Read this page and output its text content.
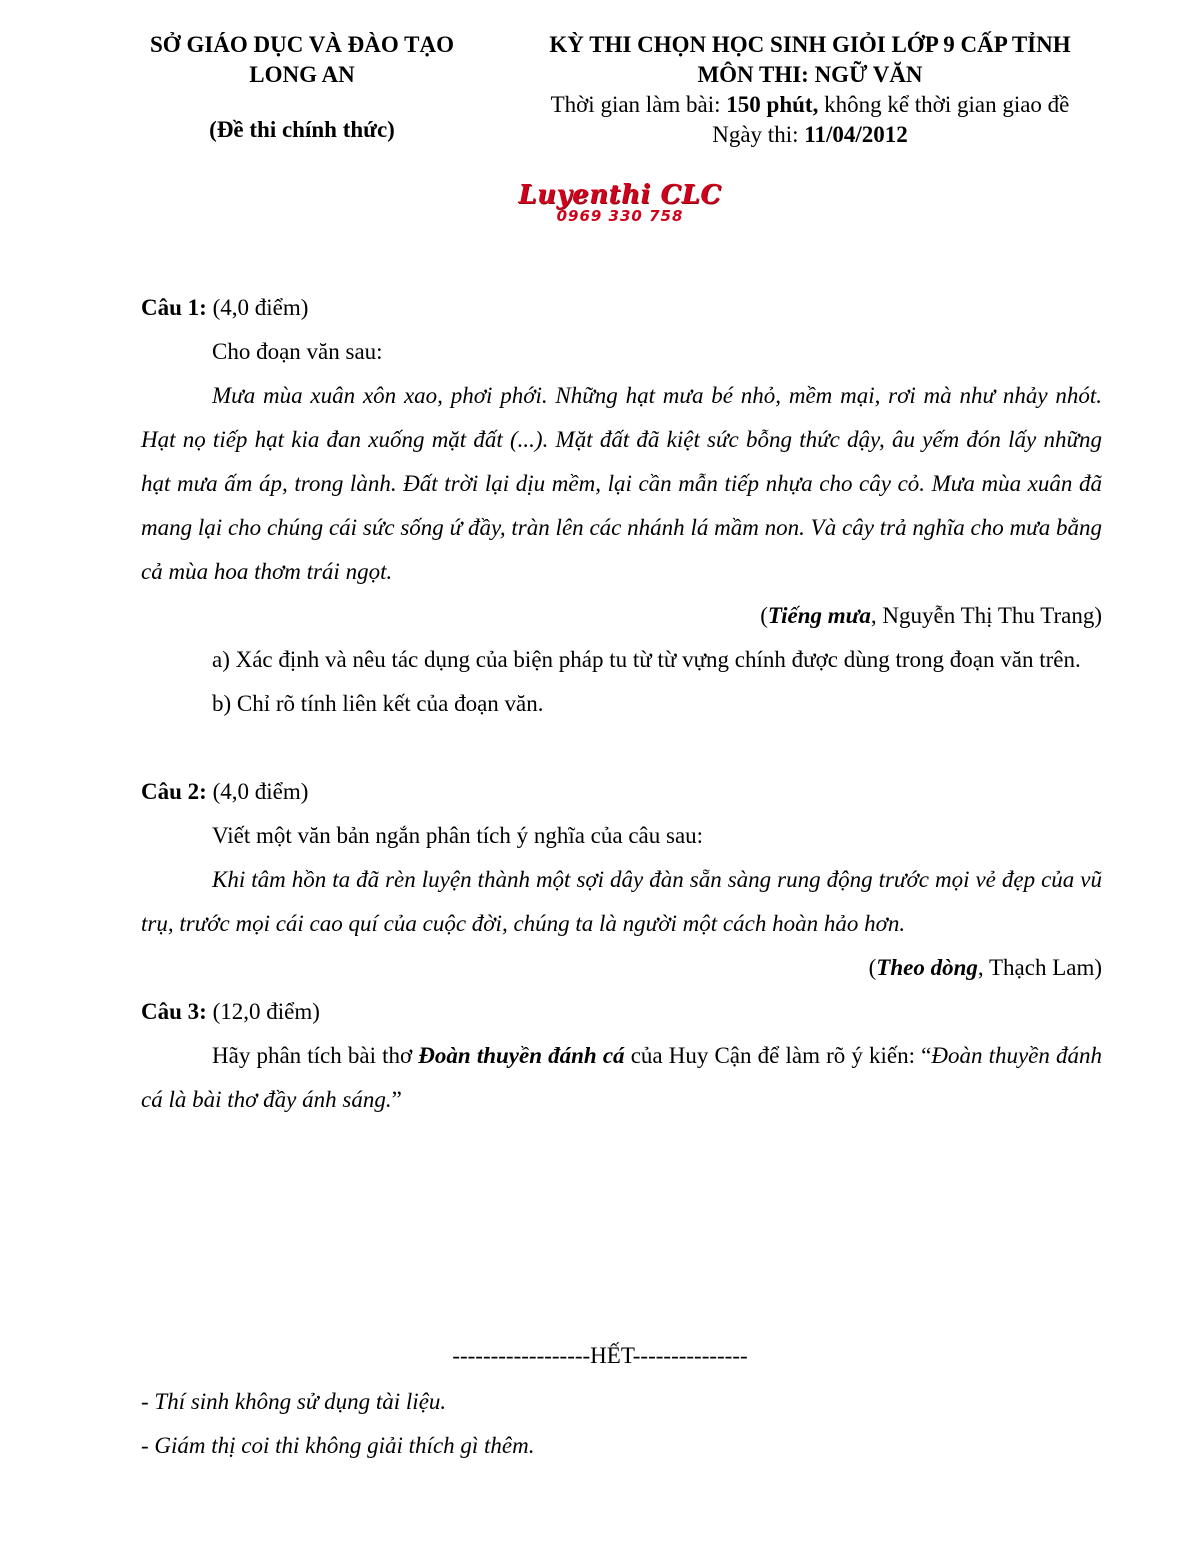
SỞ GIÁO DỤC VÀ ĐÀO TẠO
LONG AN
(Đề thi chính thức)
KỲ THI CHỌN HỌC SINH GIỎI LỚP 9 CẤP TỈNH
MÔN THI: NGỮ VĂN
Thời gian làm bài: 150 phút, không kể thời gian giao đề
Ngày thi: 11/04/2012
Luyenthi CLC
0969 330 758

Câu 1: (4,0 điểm)

Cho đoạn văn sau:

Mưa mùa xuân xôn xao, phơi phới. Những hạt mưa bé nhỏ, mềm mại, rơi mà như nhảy nhót. Hạt nọ tiếp hạt kia đan xuống mặt đất (...). Mặt đất đã kiệt sức bỗng thức dậy, âu yếm đón lấy những hạt mưa ấm áp, trong lành. Đất trời lại dịu mềm, lại cần mẫn tiếp nhựa cho cây cỏ. Mưa mùa xuân đã mang lại cho chúng cái sức sống ứ đầy, tràn lên các nhánh lá mầm non. Và cây trả nghĩa cho mưa bằng cả mùa hoa thơm trái ngọt.

(Tiếng mưa, Nguyễn Thị Thu Trang)

a) Xác định và nêu tác dụng của biện pháp tu từ từ vựng chính được dùng trong đoạn văn trên.

b) Chỉ rõ tính liên kết của đoạn văn.

Câu 2: (4,0 điểm)

Viết một văn bản ngắn phân tích ý nghĩa của câu sau:

Khi tâm hồn ta đã rèn luyện thành một sợi dây đàn sẵn sàng rung động trước mọi vẻ đẹp của vũ trụ, trước mọi cái cao quí của cuộc đời, chúng ta là người một cách hoàn hảo hơn.

(Theo dòng, Thạch Lam)

Câu 3: (12,0 điểm)

Hãy phân tích bài thơ Đoàn thuyền đánh cá của Huy Cận để làm rõ ý kiến: “Đoàn thuyền đánh cá là bài thơ đầy ánh sáng.”

------------------HẾT---------------

- Thí sinh không sử dụng tài liệu.

- Giám thị coi thi không giải thích gì thêm.
